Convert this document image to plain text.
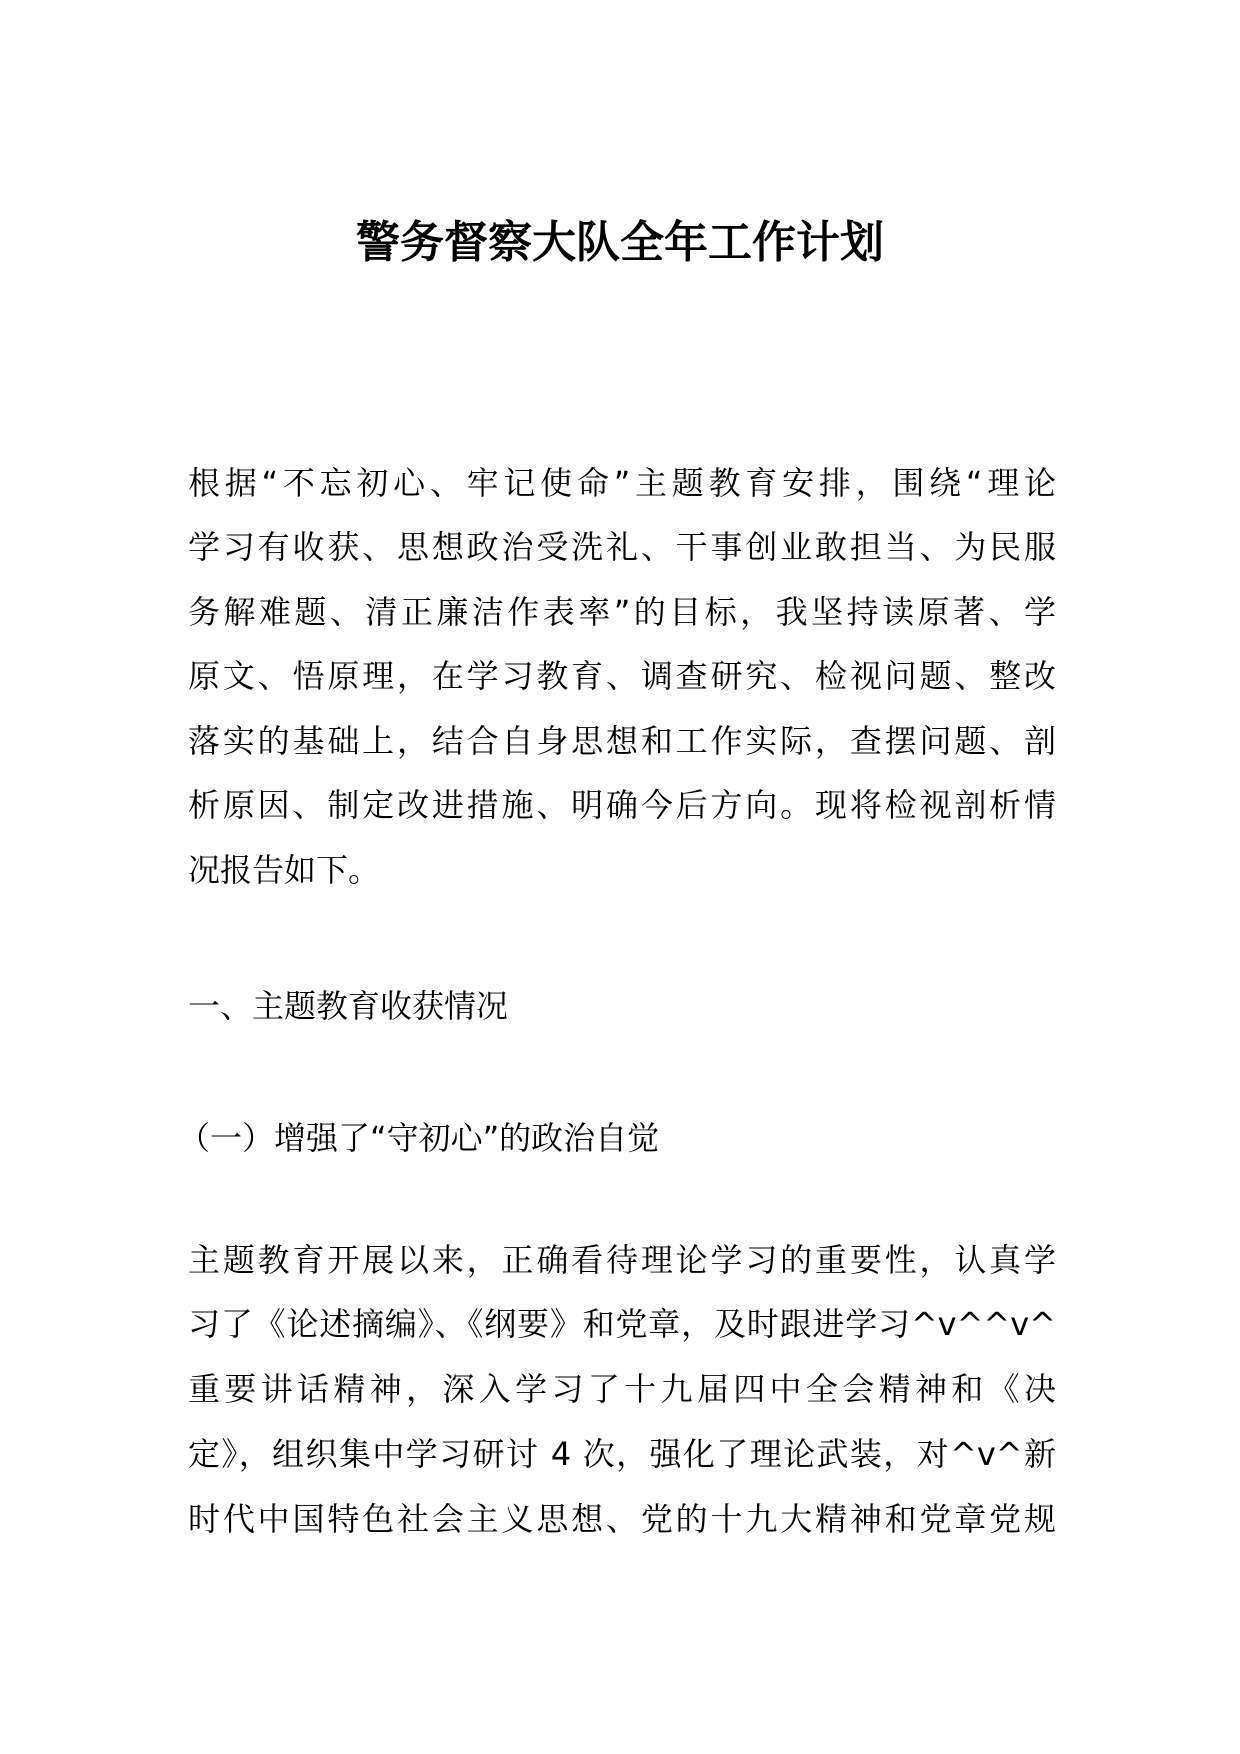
警务督察大队全年工作计划
根据“不忘初心、牢记使命”主题教育安排，围绕“理论
学习有收获、思想政治受洗礼、干事创业敢担当、为民服
务解难题、清正廉洁作表率”的目标，我坚持读原著、学
原文、悟原理，在学习教育、调查研究、检视问题、整改
落实的基础上，结合自身思想和工作实际，查摆问题、剖
析原因、制定改进措施、明确今后方向。现将检视剖析情
况报告如下。
一、主题教育收获情况
（一）增强了“守初心”的政治自觉
主题教育开展以来，正确看待理论学习的重要性，认真学
习了《论述摘编》、《纲要》和党章，及时跟进学习^v^^v^
重要讲话精神，深入学习了十九届四中全会精神和《决
定》，组织集中学习研讨 4 次，强化了理论武装，对^v^新
时代中国特色社会主义思想、党的十九大精神和党章党规
